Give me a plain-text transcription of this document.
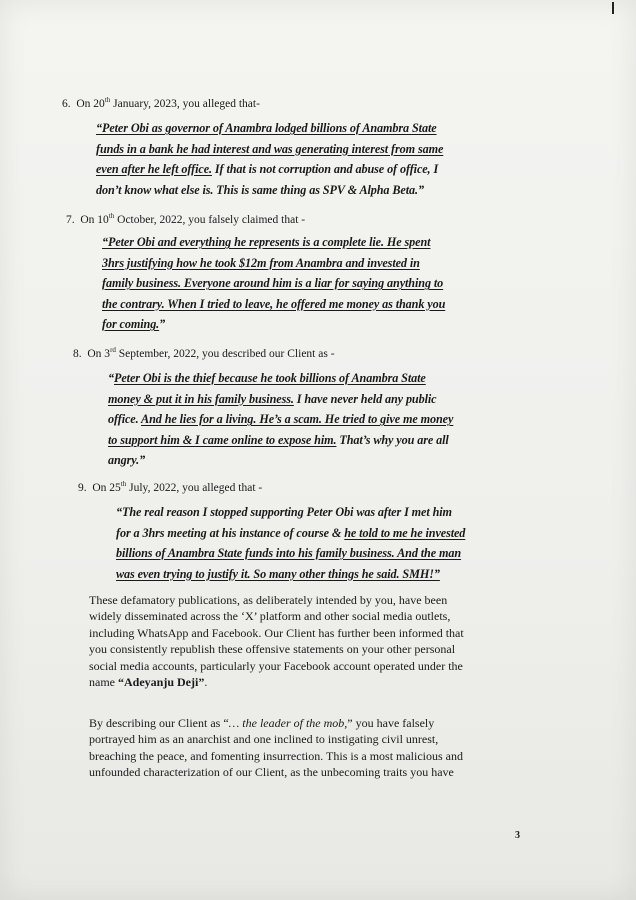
6. On 20th January, 2023, you alleged that-
“Peter Obi as governor of Anambra lodged billions of Anambra State
funds in a bank he had interest and was generating interest from same
even after he left office. If that is not corruption and abuse of office, I
don’t know what else is. This is same thing as SPV & Alpha Beta.”
7. On 10th October, 2022, you falsely claimed that -
“Peter Obi and everything he represents is a complete lie. He spent
3hrs justifying how he took $12m from Anambra and invested in
family business. Everyone around him is a liar for saying anything to
the contrary. When I tried to leave, he offered me money as thank you
for coming.”
8. On 3rd September, 2022, you described our Client as -
“Peter Obi is the thief because he took billions of Anambra State
money & put it in his family business. I have never held any public
office. And he lies for a living. He’s a scam. He tried to give me money
to support him & I came online to expose him. That’s why you are all
angry.”
9. On 25th July, 2022, you alleged that -
“The real reason I stopped supporting Peter Obi was after I met him
for a 3hrs meeting at his instance of course & he told to me he invested
billions of Anambra State funds into his family business. And the man
was even trying to justify it. So many other things he said. SMH!”
These defamatory publications, as deliberately intended by you, have been
widely disseminated across the ‘X’ platform and other social media outlets,
including WhatsApp and Facebook. Our Client has further been informed that
you consistently republish these offensive statements on your other personal
social media accounts, particularly your Facebook account operated under the
name “Adeyanju Deji”.
By describing our Client as “… the leader of the mob,” you have falsely
portrayed him as an anarchist and one inclined to instigating civil unrest,
breaching the peace, and fomenting insurrection. This is a most malicious and
unfounded characterization of our Client, as the unbecoming traits you have
3
